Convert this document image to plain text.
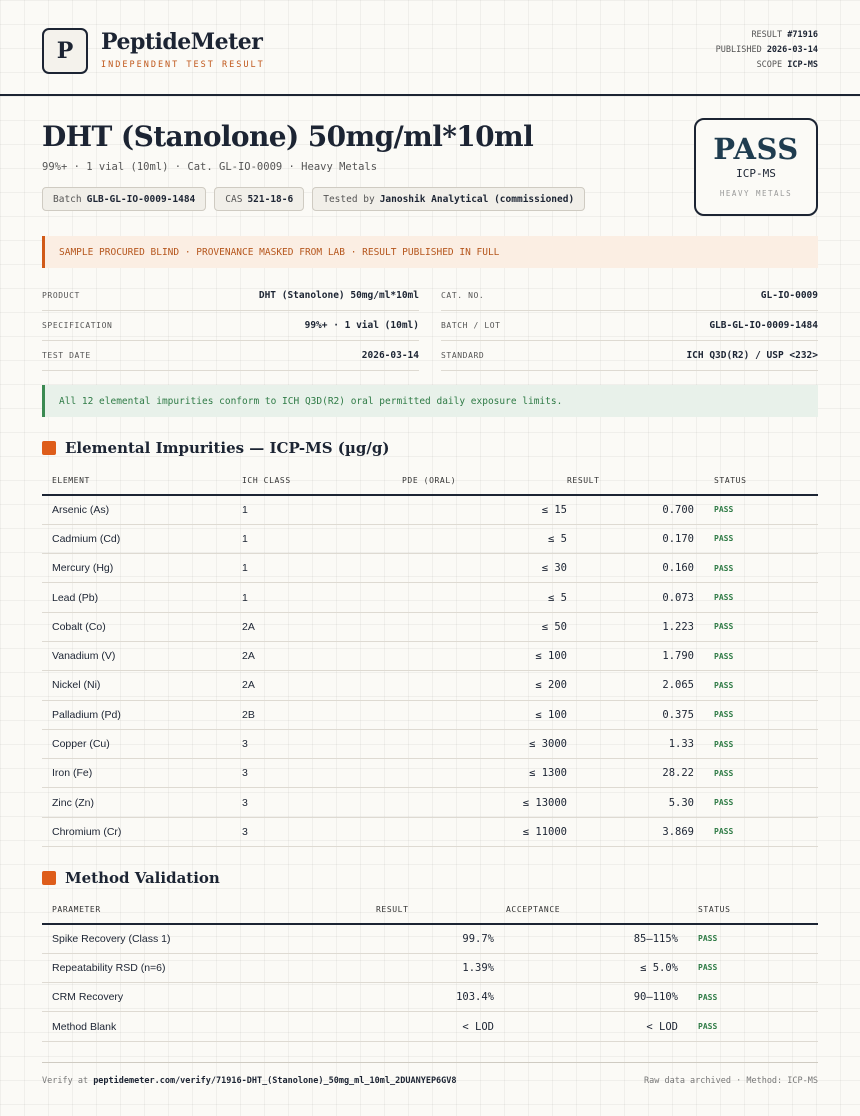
P	PeptideMeter
INDEPENDENT TEST RESULT
RESULT #71916
PUBLISHED 2026-03-14
SCOPE ICP-MS
DHT (Stanolone) 50mg/ml*10ml
99%+ · 1 vial (10ml) · Cat. GL-IO-0009 · Heavy Metals
Batch GLB-GL-IO-0009-1484	CAS 521-18-6	Tested by Janoshik Analytical (commissioned)
PASS
ICP-MS
HEAVY METALS
SAMPLE PROCURED BLIND · PROVENANCE MASKED FROM LAB · RESULT PUBLISHED IN FULL
PRODUCT	DHT (Stanolone) 50mg/ml*10ml	CAT. NO.	GL-IO-0009
SPECIFICATION	99%+ · 1 vial (10ml)	BATCH / LOT	GLB-GL-IO-0009-1484
TEST DATE	2026-03-14	STANDARD	ICH Q3D(R2) / USP <232>
All 12 elemental impurities conform to ICH Q3D(R2) oral permitted daily exposure limits.
Elemental Impurities — ICP-MS (µg/g)
ELEMENT	ICH CLASS	PDE (ORAL)	RESULT	STATUS
Arsenic (As)	1	≤ 15	0.700	PASS
Cadmium (Cd)	1	≤ 5	0.170	PASS
Mercury (Hg)	1	≤ 30	0.160	PASS
Lead (Pb)	1	≤ 5	0.073	PASS
Cobalt (Co)	2A	≤ 50	1.223	PASS
Vanadium (V)	2A	≤ 100	1.790	PASS
Nickel (Ni)	2A	≤ 200	2.065	PASS
Palladium (Pd)	2B	≤ 100	0.375	PASS
Copper (Cu)	3	≤ 3000	1.33	PASS
Iron (Fe)	3	≤ 1300	28.22	PASS
Zinc (Zn)	3	≤ 13000	5.30	PASS
Chromium (Cr)	3	≤ 11000	3.869	PASS
Method Validation
PARAMETER	RESULT	ACCEPTANCE	STATUS
Spike Recovery (Class 1)	99.7%	85–115%	PASS
Repeatability RSD (n=6)	1.39%	≤ 5.0%	PASS
CRM Recovery	103.4%	90–110%	PASS
Method Blank	< LOD	< LOD	PASS
Verify at peptidemeter.com/verify/71916-DHT_(Stanolone)_50mg_ml_10ml_2DUANYEP6GV8	Raw data archived · Method: ICP-MS
